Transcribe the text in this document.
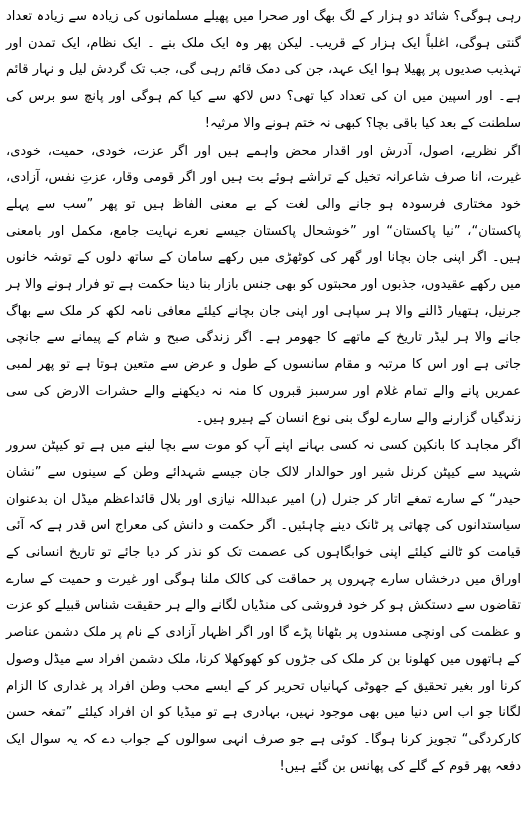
رہی ہوگی؟ شائد دو ہزار کے لگ بھگ اور صحرا میں پھیلے مسلمانوں کی زیادہ سے زیادہ تعداد گنتی ہوگی، اغلباً ایک ہزار کے قریب۔ لیکن پھر وہ ایک ملک بنے ۔ ایک نظام، ایک تمدن اور تہذیب صدیوں پر پھیلا ہوا ایک عہد، جن کی دمک قائم رہی گی، جب تک گردش لیل و نہار قائم ہے۔ اور اسپین میں ان کی تعداد کیا تھی؟ دس لاکھ سے کیا کم ہوگی اور پانچ سو برس کی سلطنت کے بعد کیا باقی بچا؟ کبھی نہ ختم ہونے والا مرثیہ!

اگر نظریے، اصول، آدرش اور اقدار محض واہمے ہیں اور اگر عزت، خودی، حمیت، خودی، غیرت، انا صرف شاعرانہ تخیل کے تراشے ہوئے بت ہیں اور اگر قومی وقار، عزتِ نفس، آزادی، خود مختاری فرسودہ ہو جانے والی لغت کے بے معنی الفاظ ہیں تو پھر ”سب سے پہلے پاکستان“، ”نیا پاکستان“ اور ”خوشحال پاکستان جیسے نعرے نہایت جامع، مکمل اور بامعنی ہیں۔ اگر اپنی جان بچانا اور گھر کی کوٹھڑی میں رکھے سامان کے ساتھ دلوں کے توشہ خانوں میں رکھے عقیدوں، جذبوں اور محبتوں کو بھی جنس بازار بنا دینا حکمت ہے تو فرار ہونے والا ہر جرنیل، ہتھیار ڈالنے والا ہر سپاہی اور اپنی جان بچانے کیلئے معافی نامہ لکھ کر ملک سے بھاگ جانے والا ہر لیڈر تاریخ کے ماتھے کا جھومر ہے۔ اگر زندگی صبح و شام کے پیمانے سے جانچی جاتی ہے اور اس کا مرتبہ و مقام سانسوں کے طول و عرض سے متعین ہوتا ہے تو پھر لمبی عمریں پانے والے تمام غلام اور سرسبز قبروں کا منہ نہ دیکھنے والے حشرات الارض کی سی زندگیاں گزارنے والے سارے لوگ بنی نوع انسان کے ہیرو ہیں۔

اگر مجاہد کا بانکپن کسی نہ کسی بہانے اپنے آپ کو موت سے بچا لینے میں ہے تو کیپٹن سرور شہید سے کیپٹن کرنل شیر اور حوالدار لالک جان جیسے شہدائے وطن کے سینوں سے ”نشان حیدر“ کے سارے تمغے اتار کر جنرل (ر) امیر عبداللہ نیازی اور بلال قائداعظم میڈل ان بدعنوان سیاستدانوں کی چھاتی پر ٹانک دینے چاہئیں۔ اگر حکمت و دانش کی معراج اس قدر ہے کہ آئی قیامت کو ٹالنے کیلئے اپنی خوابگاہوں کی عصمت تک کو نذر کر دیا جائے تو تاریخ انسانی کے اوراق میں درخشاں سارے چہروں پر حماقت کی کالک ملنا ہوگی اور غیرت و حمیت کے سارے تقاضوں سے دستکش ہو کر خود فروشی کی منڈیاں لگانے والے ہر حقیقت شناس قبیلے کو عزت و عظمت کی اونچی مسندوں پر بٹھانا پڑے گا اور اگر اظہار آزادی کے نام پر ملک دشمن عناصر کے ہاتھوں میں کھلونا بن کر ملک کی جڑوں کو کھوکھلا کرنا، ملک دشمن افراد سے میڈل وصول کرنا اور بغیر تحقیق کے جھوٹی کہانیاں تحریر کر کے ایسے محب وطن افراد پر غداری کا الزام لگانا جو اب اس دنیا میں بھی موجود نہیں، بہادری ہے تو میڈیا کو ان افراد کیلئے ”تمغہ حسن کارکردگی“ تجویز کرنا ہوگا۔ کوئی ہے جو صرف انہی سوالوں کے جواب دے کہ یہ سوال ایک دفعہ پھر قوم کے گلے کی پھانس بن گئے ہیں!
